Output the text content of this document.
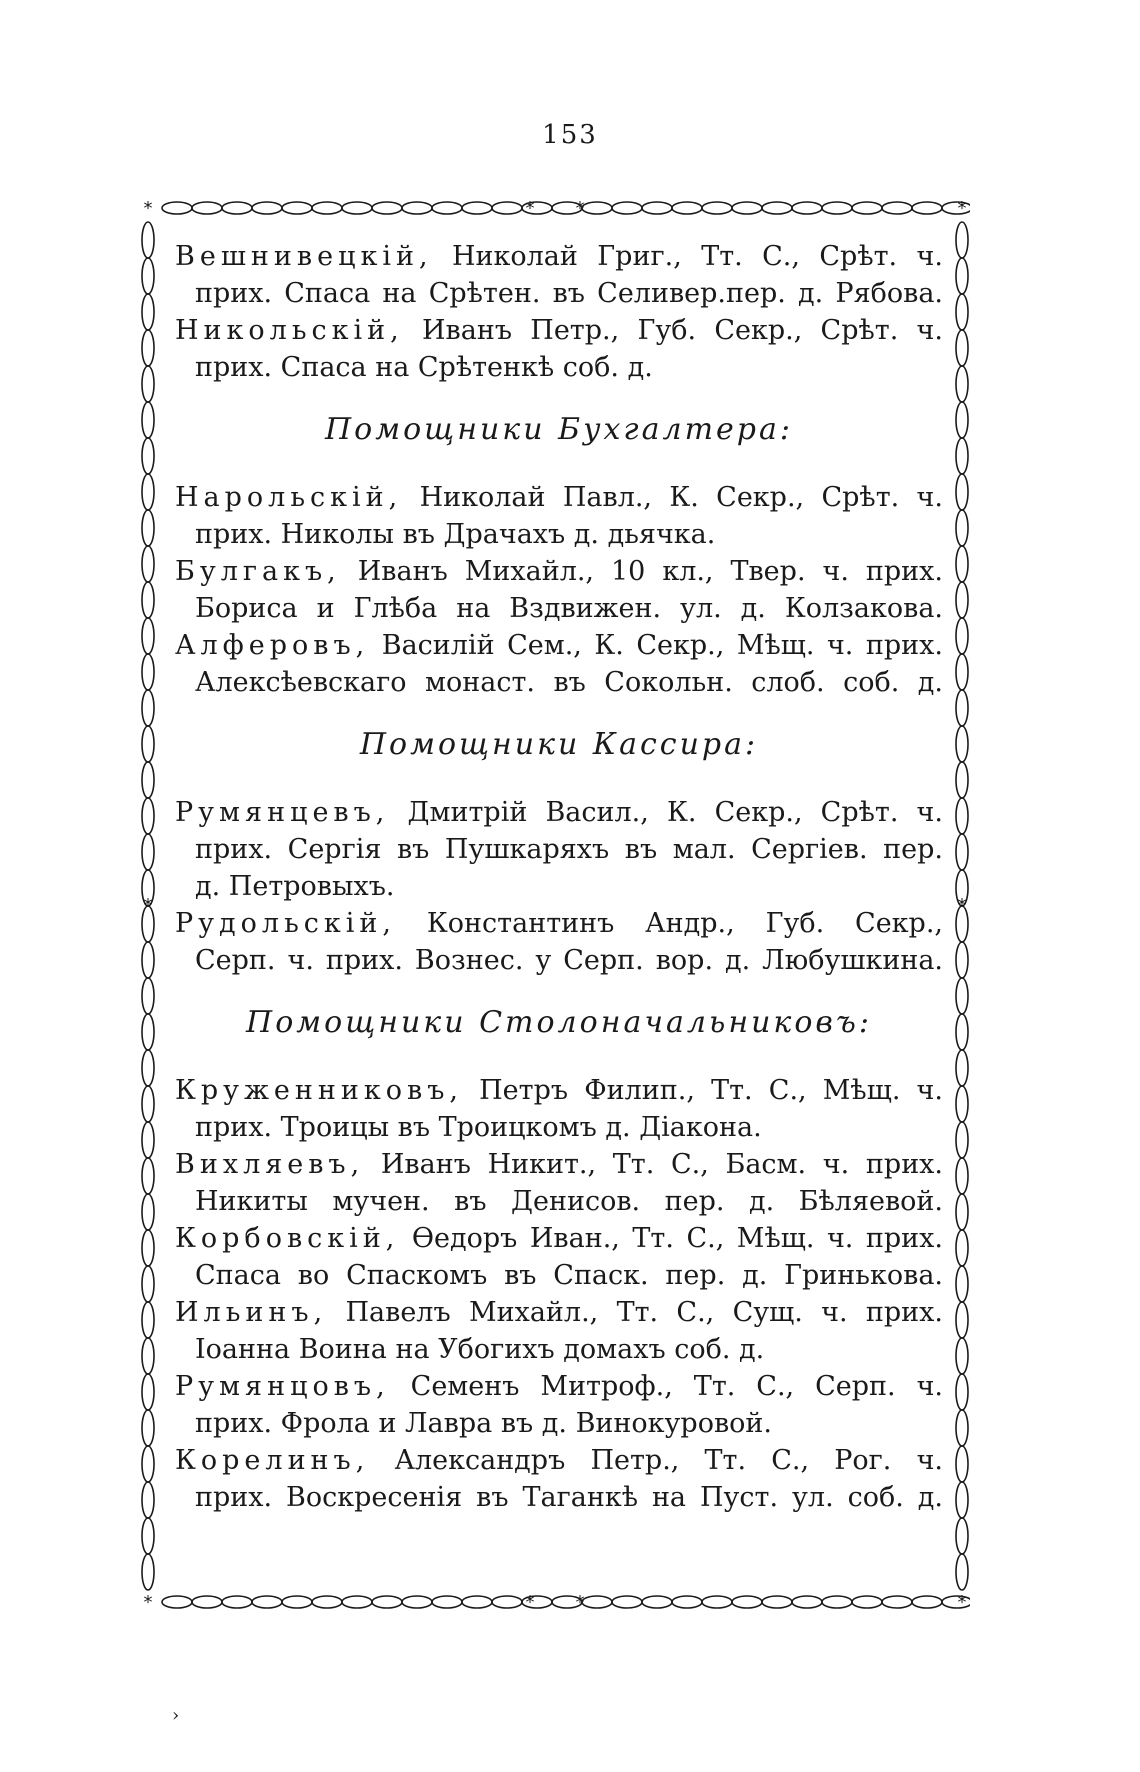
153
*	*
*	*
* *
* *
*	*
Вешнивецкій, Николай Григ., Тт. С., Срѣт. ч.
прих. Спаса на Срѣтен. въ Селивер.пер. д. Рябова.
Никольскій, Иванъ Петр., Губ. Секр., Срѣт. ч.
прих. Спаса на Срѣтенкѣ соб. д.
Помощники Бухгалтера:
Нарольскій, Николай Павл., К. Секр., Срѣт. ч.
прих. Николы въ Драчахъ д. дьячка.
Булгакъ, Иванъ Михайл., 10 кл., Твер. ч. прих.
Бориса и Глѣба на Вздвижен. ул. д. Колзакова.
Алферовъ, Василій Сем., К. Секр., Мѣщ. ч. прих.
Алексѣевскаго монаст. въ Сокольн. слоб. соб. д.
Помощники Кассира:
Румянцевъ, Дмитрій Васил., К. Секр., Срѣт. ч.
прих. Сергія въ Пушкаряхъ въ мал. Сергіев. пер.
д. Петровыхъ.
Рудольскій, Константинъ Андр., Губ. Секр.,
Серп. ч. прих. Вознес. у Серп. вор. д. Любушкина.
Помощники Столоначальниковъ:
Круженниковъ, Петръ Филип., Тт. С., Мѣщ. ч.
прих. Троицы въ Троицкомъ д. Діакона.
Вихляевъ, Иванъ Никит., Тт. С., Басм. ч. прих.
Никиты мучен. въ Денисов. пер. д. Бѣляевой.
Корбовскій, Ѳедоръ Иван., Тт. С., Мѣщ. ч. прих.
Спаса во Спаскомъ въ Спаск. пер. д. Гринькова.
Ильинъ, Павелъ Михайл., Тт. С., Сущ. ч. прих.
Іоанна Воина на Убогихъ домахъ соб. д.
Румянцовъ, Семенъ Митроф., Тт. С., Серп. ч.
прих. Фрола и Лавра въ д. Винокуровой.
Корелинъ, Александръ Петр., Тт. С., Рог. ч.
прих. Воскресенія въ Таганкѣ на Пуст. ул. соб. д.
›
